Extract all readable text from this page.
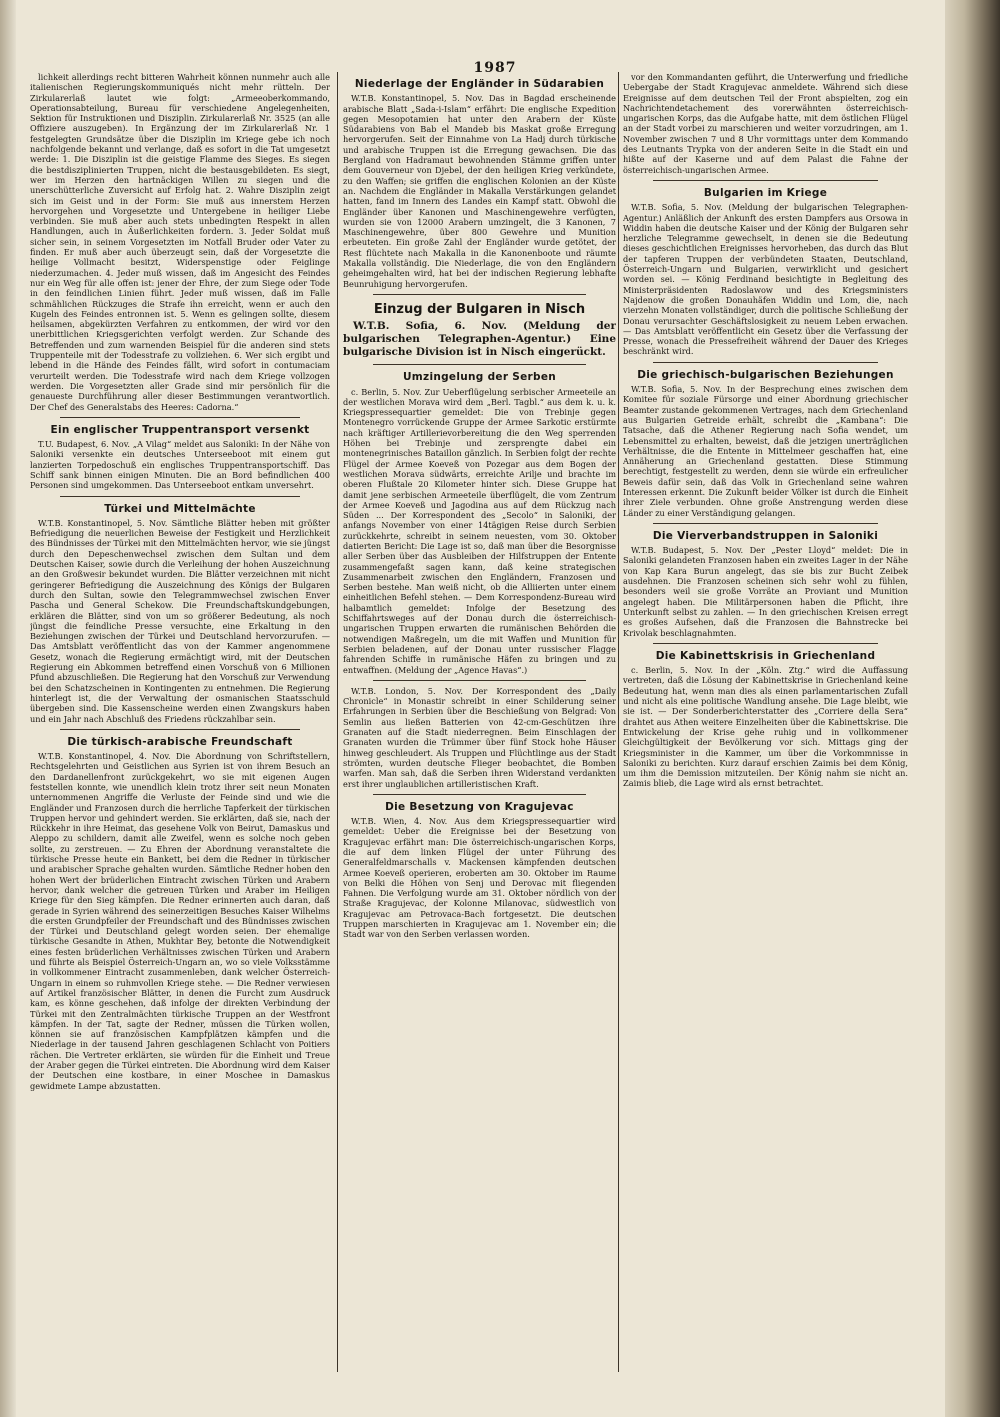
1987

lichkeit allerdings recht bitteren Wahrheit können nunmehr auch alle italienischen Regierungskommuniqués nicht mehr rütteln. Der Zirkularerlaß lautet wie folgt: „Armeeoberkommando, Operationsabteilung, Bureau für verschiedene Angelegenheiten, Sektion für Instruktionen und Disziplin. Zirkularerlaß Nr. 3525 (an alle Offiziere auszugeben). In Ergänzung der im Zirkularerlaß Nr. 1 festgelegten Grundsätze über die Disziplin im Kriege gebe ich noch nachfolgende bekannt und verlange, daß es sofort in die Tat umgesetzt werde: 1. Die Disziplin ist die geistige Flamme des Sieges. Es siegen die bestdisziplinierten Truppen, nicht die bestausgebildeten. Es siegt, wer im Herzen den hartnäckigen Willen zu siegen und die unerschütterliche Zuversicht auf Erfolg hat. 2. Wahre Disziplin zeigt sich im Geist und in der Form: Sie muß aus innerstem Herzen hervorgehen und Vorgesetzte und Untergebene in heiliger Liebe verbinden. Sie muß aber auch stets unbedingten Respekt in allen Handlungen, auch in Äußerlichkeiten fordern. 3. Jeder Soldat muß sicher sein, in seinem Vorgesetzten im Notfall Bruder oder Vater zu finden. Er muß aber auch überzeugt sein, daß der Vorgesetzte die heilige Vollmacht besitzt, Widerspenstige oder Feiglinge niederzumachen. 4. Jeder muß wissen, daß im Angesicht des Feindes nur ein Weg für alle offen ist: jener der Ehre, der zum Siege oder Tode in den feindlichen Linien führt. Jeder muß wissen, daß im Falle schmählichen Rückzuges die Strafe ihn erreicht, wenn er auch den Kugeln des Feindes entronnen ist. 5. Wenn es gelingen sollte, diesem heilsamen, abgekürzten Verfahren zu entkommen, der wird vor den unerbittlichen Kriegsgerichten verfolgt werden. Zur Schande des Betreffenden und zum warnenden Beispiel für die anderen sind stets Truppenteile mit der Todesstrafe zu vollziehen. 6. Wer sich ergibt und lebend in die Hände des Feindes fällt, wird sofort in contumaciam verurteilt werden. Die Todesstrafe wird nach dem Kriege vollzogen werden. Die Vorgesetzten aller Grade sind mir persönlich für die genaueste Durchführung aller dieser Bestimmungen verantwortlich. Der Chef des Generalstabs des Heeres: Cadorna.“

Ein englischer Truppentransport versenkt

T.U. Budapest, 6. Nov. „A Vilag“ meldet aus Saloniki: In der Nähe von Saloniki versenkte ein deutsches Unterseeboot mit einem gut lanzierten Torpedoschuß ein englisches Truppentransportschiff. Das Schiff sank binnen einigen Minuten. Die an Bord befindlichen 400 Personen sind umgekommen. Das Unterseeboot entkam unversehrt.

Türkei und Mittelmächte

W.T.B. Konstantinopel, 5. Nov. Sämtliche Blätter heben mit größter Befriedigung die neuerlichen Beweise der Festigkeit und Herzlichkeit des Bündnisses der Türkei mit den Mittelmächten hervor, wie sie jüngst durch den Depeschenwechsel zwischen dem Sultan und dem Deutschen Kaiser, sowie durch die Verleihung der hohen Auszeichnung an den Großwesir bekundet wurden. Die Blätter verzeichnen mit nicht geringerer Befriedigung die Auszeichnung des Königs der Bulgaren durch den Sultan, sowie den Telegrammwechsel zwischen Enver Pascha und General Schekow. Die Freundschaftskundgebungen, erklären die Blätter, sind von um so größerer Bedeutung, als noch jüngst die feindliche Presse versuchte, eine Erkaltung in den Beziehungen zwischen der Türkei und Deutschland hervorzurufen. — Das Amtsblatt veröffentlicht das von der Kammer angenommene Gesetz, wonach die Regierung ermächtigt wird, mit der Deutschen Regierung ein Abkommen betreffend einen Vorschuß von 6 Millionen Pfund abzuschließen. Die Regierung hat den Vorschuß zur Verwendung bei den Schatzscheinen in Kontingenten zu entnehmen. Die Regierung hinterlegt ist, die der Verwaltung der osmanischen Staatsschuld übergeben sind. Die Kassenscheine werden einen Zwangskurs haben und ein Jahr nach Abschluß des Friedens rückzahlbar sein.

Die türkisch-arabische Freundschaft

W.T.B. Konstantinopel, 4. Nov. Die Abordnung von Schriftstellern, Rechtsgelehrten und Geistlichen aus Syrien ist von ihrem Besuch an den Dardanellenfront zurückgekehrt, wo sie mit eigenen Augen feststellen konnte, wie unendlich klein trotz ihrer seit neun Monaten unternommenen Angriffe die Verluste der Feinde sind und wie die Engländer und Franzosen durch die herrliche Tapferkeit der türkischen Truppen hervor und gehindert werden. Sie erklärten, daß sie, nach der Rückkehr in ihre Heimat, das gesehene Volk von Beirut, Damaskus und Aleppo zu schildern, damit alle Zweifel, wenn es solche noch geben sollte, zu zerstreuen. — Zu Ehren der Abordnung veranstaltete die türkische Presse heute ein Bankett, bei dem die Redner in türkischer und arabischer Sprache gehalten wurden. Sämtliche Redner hoben den hohen Wert der brüderlichen Eintracht zwischen Türken und Arabern hervor, dank welcher die getreuen Türken und Araber im Heiligen Kriege für den Sieg kämpfen. Die Redner erinnerten auch daran, daß gerade in Syrien während des seinerzeitigen Besuches Kaiser Wilhelms die ersten Grundpfeiler der Freundschaft und des Bündnisses zwischen der Türkei und Deutschland gelegt worden seien. Der ehemalige türkische Gesandte in Athen, Mukhtar Bey, betonte die Notwendigkeit eines festen brüderlichen Verhältnisses zwischen Türken und Arabern und führte als Beispiel Österreich-Ungarn an, wo so viele Volksstämme in vollkommener Eintracht zusammenleben, dank welcher Österreich-Ungarn in einem so ruhmvollen Kriege stehe. — Die Redner verwiesen auf Artikel französischer Blätter, in denen die Furcht zum Ausdruck kam, es könne geschehen, daß infolge der direkten Verbindung der Türkei mit den Zentralmächten türkische Truppen an der Westfront kämpfen. In der Tat, sagte der Redner, müssen die Türken wollen, können sie auf französischen Kampfplätzen kämpfen und die Niederlage in der tausend Jahren geschlagenen Schlacht von Poitiers rächen. Die Vertreter erklärten, sie würden für die Einheit und Treue der Araber gegen die Türkei eintreten. Die Abordnung wird dem Kaiser der Deutschen eine kostbare, in einer Moschee in Damaskus gewidmete Lampe abzustatten.

Niederlage der Engländer in Südarabien

W.T.B. Konstantinopel, 5. Nov. Das in Bagdad erscheinende arabische Blatt „Sada-i-Islam“ erfährt: Die englische Expedition gegen Mesopotamien hat unter den Arabern der Küste Südarabiens von Bab el Mandeb bis Maskat große Erregung hervorgerufen. Seit der Einnahme von La Hadj durch türkische und arabische Truppen ist die Erregung gewachsen. Die das Bergland von Hadramaut bewohnenden Stämme griffen unter dem Gouverneur von Djebel, der den heiligen Krieg verkündete, zu den Waffen; sie griffen die englischen Kolonien an der Küste an. Nachdem die Engländer in Makalla Verstärkungen gelandet hatten, fand im Innern des Landes ein Kampf statt. Obwohl die Engländer über Kanonen und Maschinengewehre verfügten, wurden sie von 12000 Arabern umzingelt, die 3 Kanonen, 7 Maschinengewehre, über 800 Gewehre und Munition erbeuteten. Ein große Zahl der Engländer wurde getötet, der Rest flüchtete nach Makalla in die Kanonenboote und räumte Makalla vollständig. Die Niederlage, die von den Engländern geheimgehalten wird, hat bei der indischen Regierung lebhafte Beunruhigung hervorgerufen.

Einzug der Bulgaren in Nisch

W.T.B. Sofia, 6. Nov. (Meldung der bulgarischen Telegraphen-Agentur.) Eine bulgarische Division ist in Nisch eingerückt.

Umzingelung der Serben

c. Berlin, 5. Nov. Zur Ueberflügelung serbischer Armeeteile an der westlichen Morava wird dem „Berl. Tagbl.“ aus dem k. u. k. Kriegspressequartier gemeldet: Die von Trebinje gegen Montenegro vorrückende Gruppe der Armee Sarkotic erstürmte nach kräftiger Artillerievorbereitung die den Weg sperrenden Höhen bei Trebinje und zersprengte dabei ein montenegrinisches Bataillon gänzlich. In Serbien folgt der rechte Flügel der Armee Koeveß von Pozegar aus dem Bogen der westlichen Morava südwärts, erreichte Arilje und brachte im oberen Flußtale 20 Kilometer hinter sich. Diese Gruppe hat damit jene serbischen Armeeteile überflügelt, die vom Zentrum der Armee Koeveß und Jagodina aus auf dem Rückzug nach Süden ... Der Korrespondent des „Secolo“ in Saloniki, der anfangs November von einer 14tägigen Reise durch Serbien zurückkehrte, schreibt in seinem neuesten, vom 30. Oktober datierten Bericht: Die Lage ist so, daß man über die Besorgnisse aller Serben über das Ausbleiben der Hilfstruppen der Entente zusammengefaßt sagen kann, daß keine strategischen Zusammenarbeit zwischen den Engländern, Franzosen und Serben bestehe. Man weiß nicht, ob die Alliierten unter einem einheitlichen Befehl stehen. — Dem Korrespondenz-Bureau wird halbamtlich gemeldet: Infolge der Besetzung des Schiffahrtsweges auf der Donau durch die österreichisch-ungarischen Truppen erwarten die rumänischen Behörden die notwendigen Maßregeln, um die mit Waffen und Munition für Serbien beladenen, auf der Donau unter russischer Flagge fahrenden Schiffe in rumänische Häfen zu bringen und zu entwaffnen. (Meldung der „Agence Havas“.)

W.T.B. London, 5. Nov. Der Korrespondent des „Daily Chronicle“ in Monastir schreibt in einer Schilderung seiner Erfahrungen in Serbien über die Beschießung von Belgrad: Von Semlin aus ließen Batterien von 42-cm-Geschützen ihre Granaten auf die Stadt niederregnen. Beim Einschlagen der Granaten wurden die Trümmer über fünf Stock hohe Häuser hinweg geschleudert. Als Truppen und Flüchtlinge aus der Stadt strömten, wurden deutsche Flieger beobachtet, die Bomben warfen. Man sah, daß die Serben ihren Widerstand verdankten erst ihrer unglaublichen artilleristischen Kraft.

Die Besetzung von Kragujevac

W.T.B. Wien, 4. Nov. Aus dem Kriegspressequartier wird gemeldet: Ueber die Ereignisse bei der Besetzung von Kragujevac erfährt man: Die österreichisch-ungarischen Korps, die auf dem linken Flügel der unter Führung des Generalfeldmarschalls v. Mackensen kämpfenden deutschen Armee Koeveß operieren, eroberten am 30. Oktober im Raume von Belki die Höhen von Senj und Derovac mit fliegenden Fahnen. Die Verfolgung wurde am 31. Oktober nördlich von der Straße Kragujevac, der Kolonne Milanovac, südwestlich von Kragujevac am Petrovaca-Bach fortgesetzt. Die deutschen Truppen marschierten in Kragujevac am 1. November ein; die Stadt war von den Serben verlassen worden.

vor den Kommandanten geführt, die Unterwerfung und friedliche Uebergabe der Stadt Kragujevac anmeldete. Während sich diese Ereignisse auf dem deutschen Teil der Front abspielten, zog ein Nachrichtendetachement des vorerwähnten österreichisch-ungarischen Korps, das die Aufgabe hatte, mit dem östlichen Flügel an der Stadt vorbei zu marschieren und weiter vorzudringen, am 1. November zwischen 7 und 8 Uhr vormittags unter dem Kommando des Leutnants Trypka von der anderen Seite in die Stadt ein und hißte auf der Kaserne und auf dem Palast die Fahne der österreichisch-ungarischen Armee.

Bulgarien im Kriege

W.T.B. Sofia, 5. Nov. (Meldung der bulgarischen Telegraphen-Agentur.) Anläßlich der Ankunft des ersten Dampfers aus Orsowa in Widdin haben die deutsche Kaiser und der König der Bulgaren sehr herzliche Telegramme gewechselt, in denen sie die Bedeutung dieses geschichtlichen Ereignisses hervorheben, das durch das Blut der tapferen Truppen der verbündeten Staaten, Deutschland, Österreich-Ungarn und Bulgarien, verwirklicht und gesichert worden sei. — König Ferdinand besichtigte in Begleitung des Ministerpräsidenten Radoslawow und des Kriegsministers Najdenow die großen Donauhäfen Widdin und Lom, die, nach vierzehn Monaten vollständiger, durch die politische Schließung der Donau verursachter Geschäftslosigkeit zu neuem Leben erwachen. — Das Amtsblatt veröffentlicht ein Gesetz über die Verfassung der Presse, wonach die Pressefreiheit während der Dauer des Krieges beschränkt wird.

Die griechisch-bulgarischen Beziehungen

W.T.B. Sofia, 5. Nov. In der Besprechung eines zwischen dem Komitee für soziale Fürsorge und einer Abordnung griechischer Beamter zustande gekommenen Vertrages, nach dem Griechenland aus Bulgarien Getreide erhält, schreibt die „Kambana“: Die Tatsache, daß die Athener Regierung nach Sofia wendet, um Lebensmittel zu erhalten, beweist, daß die jetzigen unerträglichen Verhältnisse, die die Entente in Mittelmeer geschaffen hat, eine Annäherung an Griechenland gestatten. Diese Stimmung berechtigt, festgestellt zu werden, denn sie würde ein erfreulicher Beweis dafür sein, daß das Volk in Griechenland seine wahren Interessen erkennt. Die Zukunft beider Völker ist durch die Einheit ihrer Ziele verbunden. Ohne große Anstrengung werden diese Länder zu einer Verständigung gelangen.

Die Vierverbandstruppen in Saloniki

W.T.B. Budapest, 5. Nov. Der „Pester Lloyd“ meldet: Die in Saloniki gelandeten Franzosen haben ein zweites Lager in der Nähe von Kap Kara Burun angelegt, das sie bis zur Bucht Zeibek ausdehnen. Die Franzosen scheinen sich sehr wohl zu fühlen, besonders weil sie große Vorräte an Proviant und Munition angelegt haben. Die Militärpersonen haben die Pflicht, ihre Unterkunft selbst zu zahlen. — In den griechischen Kreisen erregt es großes Aufsehen, daß die Franzosen die Bahnstrecke bei Krivolak beschlagnahmten.

Die Kabinettskrisis in Griechenland

c. Berlin, 5. Nov. In der „Köln. Ztg.“ wird die Auffassung vertreten, daß die Lösung der Kabinettskrise in Griechenland keine Bedeutung hat, wenn man dies als einen parlamentarischen Zufall und nicht als eine politische Wandlung ansehe. Die Lage bleibt, wie sie ist. — Der Sonderberichterstatter des „Corriere della Sera“ drahtet aus Athen weitere Einzelheiten über die Kabinettskrise. Die Entwickelung der Krise gehe ruhig und in vollkommener Gleichgültigkeit der Bevölkerung vor sich. Mittags ging der Kriegsminister in die Kammer, um über die Vorkommnisse in Saloniki zu berichten. Kurz darauf erschien Zaimis bei dem König, um ihm die Demission mitzuteilen. Der König nahm sie nicht an. Zaimis blieb, die Lage wird als ernst betrachtet.
